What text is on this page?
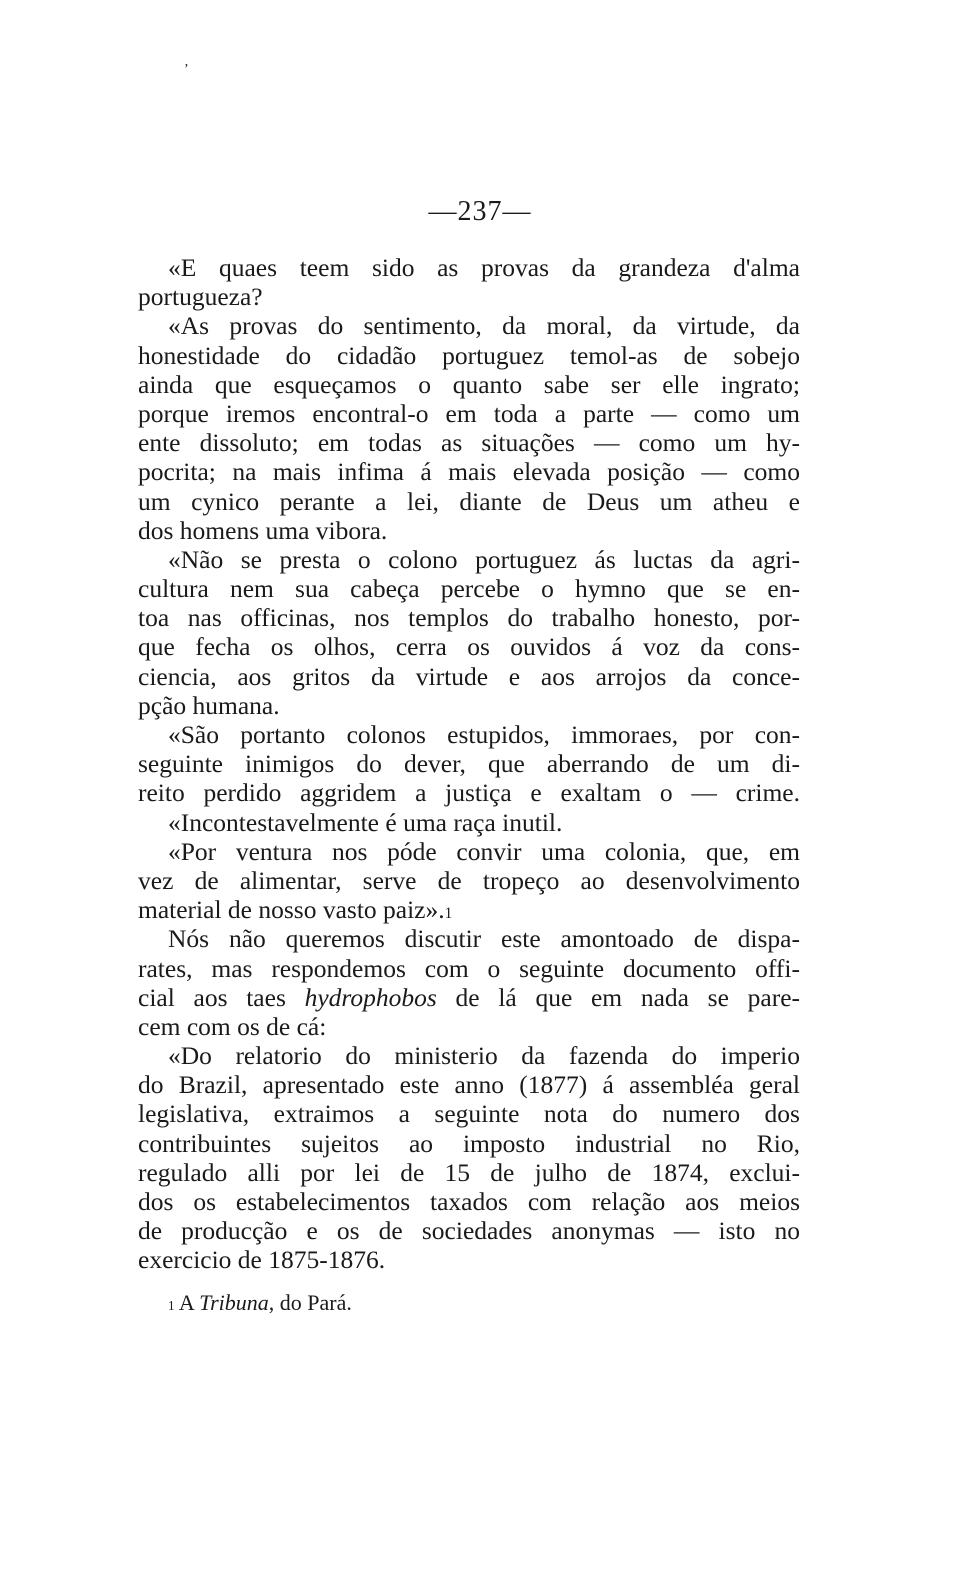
ʼ
—237—
«E quaes teem sido as provas da grandeza d'alma
portugueza?
«As provas do sentimento, da moral, da virtude, da
honestidade do cidadão portuguez temol-as de sobejo
ainda que esqueçamos o quanto sabe ser elle ingrato;
porque iremos encontral-o em toda a parte — como um
ente dissoluto; em todas as situações — como um hy-
pocrita; na mais infima á mais elevada posição — como
um cynico perante a lei, diante de Deus um atheu e
dos homens uma vibora.
«Não se presta o colono portuguez ás luctas da agri-
cultura nem sua cabeça percebe o hymno que se en-
toa nas officinas, nos templos do trabalho honesto, por-
que fecha os olhos, cerra os ouvidos á voz da cons-
ciencia, aos gritos da virtude e aos arrojos da conce-
pção humana.
«São portanto colonos estupidos, immoraes, por con-
seguinte inimigos do dever, que aberrando de um di-
reito perdido aggridem a justiça e exaltam o — crime.
«Incontestavelmente é uma raça inutil.
«Por ventura nos póde convir uma colonia, que, em
vez de alimentar, serve de tropeço ao desenvolvimento
material de nosso vasto paiz».$^1$
Nós não queremos discutir este amontoado de dispa-
rates, mas respondemos com o seguinte documento offi-
cial aos taes hydrophobos de lá que em nada se pare-
cem com os de cá:
«Do relatorio do ministerio da fazenda do imperio
do Brazil, apresentado este anno (1877) á assembléa geral
legislativa, extraimos a seguinte nota do numero dos
contribuintes sujeitos ao imposto industrial no Rio,
regulado alli por lei de 15 de julho de 1874, exclui-
dos os estabelecimentos taxados com relação aos meios
de producção e os de sociedades anonymas — isto no
exercicio de 1875-1876.
$^1$ A Tribuna, do Pará.
